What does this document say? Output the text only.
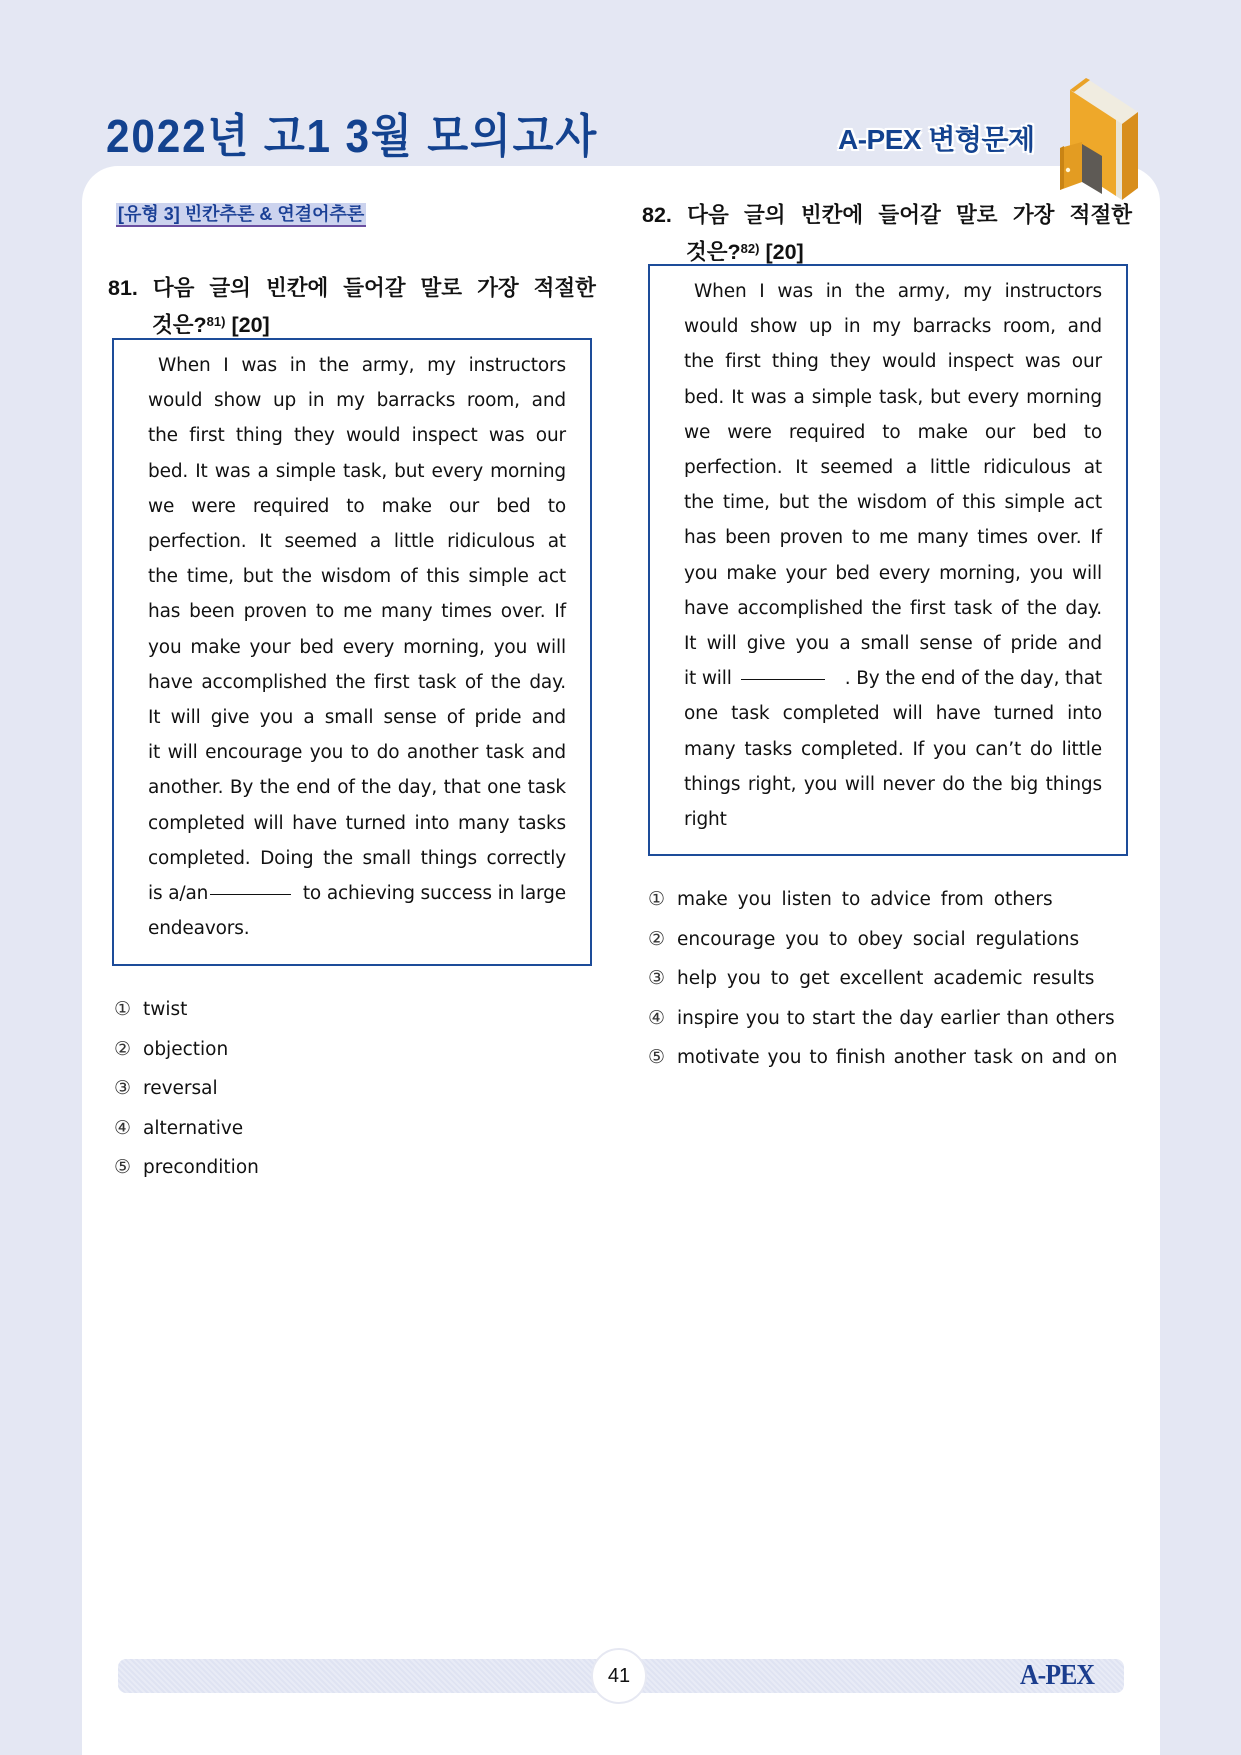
2022년 고1 3월 모의고사	A-PEX 변형문제
[유형 3] 빈칸추론 & 연결어추론
81. 다음 글의 빈칸에 들어갈 말로 가장 적절한
것은?$^{81)}$ [20]

When I was in the army, my instructors
would show up in my barracks room, and
the first thing they would inspect was our
bed. It was a simple task, but every morning
we were required to make our bed to
perfection. It seemed a little ridiculous at
the time, but the wisdom of this simple act
has been proven to me many times over. If
you make your bed every morning, you will
have accomplished the first task of the day.
It will give you a small sense of pride and
it will encourage you to do another task and
another. By the end of the day, that one task
completed will have turned into many tasks
completed. Doing the small things correctly
is a/an	to achieving success in large
endeavors.

① twist
② objection
③ reversal
④ alternative
⑤ precondition
82. 다음 글의 빈칸에 들어갈 말로 가장 적절한
것은?$^{82)}$ [20]

When I was in the army, my instructors
would show up in my barracks room, and
the first thing they would inspect was our
bed. It was a simple task, but every morning
we were required to make our bed to
perfection. It seemed a little ridiculous at
the time, but the wisdom of this simple act
has been proven to me many times over. If
you make your bed every morning, you will
have accomplished the first task of the day.
It will give you a small sense of pride and
it will	. By the end of the day, that
one task completed will have turned into
many tasks completed. If you can’t do little
things right, you will never do the big things
right

① make you listen to advice from others
② encourage you to obey social regulations
③ help you to get excellent academic results
④ inspire you to start the day earlier than others
⑤ motivate you to finish another task on and on
41	A-PEX
